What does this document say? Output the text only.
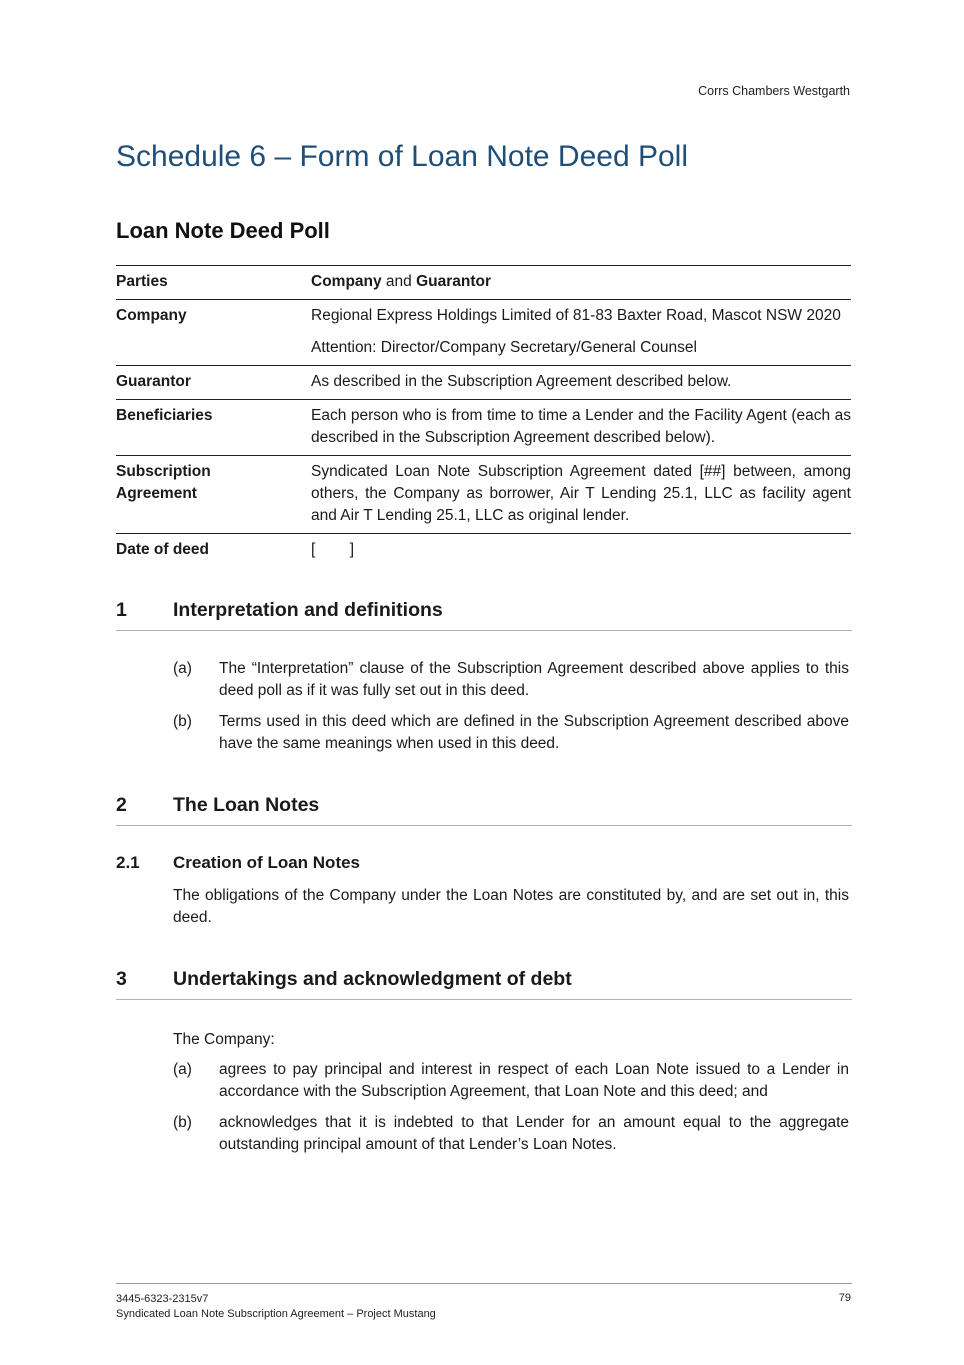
Corrs Chambers Westgarth
Schedule 6 – Form of Loan Note Deed Poll
Loan Note Deed Poll
Parties	Company and Guarantor
Company	Regional Express Holdings Limited of 81-83 Baxter Road, Mascot NSW 2020

Attention: Director/Company Secretary/General Counsel

Guarantor	As described in the Subscription Agreement described below.
Beneficiaries	Each person who is from time to time a Lender and the Facility Agent (each as described in the Subscription Agreement described below).
Subscription Agreement	Syndicated Loan Note Subscription Agreement dated [##] between, among others, the Company as borrower, Air T Lending 25.1, LLC as facility agent and Air T Lending 25.1, LLC as original lender.
Date of deed	[        ]
1 Interpretation and definitions
(a)	The “Interpretation” clause of the Subscription Agreement described above applies to this deed poll as if it was fully set out in this deed.
(b)	Terms used in this deed which are defined in the Subscription Agreement described above have the same meanings when used in this deed.
2 The Loan Notes
2.1 Creation of Loan Notes
The obligations of the Company under the Loan Notes are constituted by, and are set out in, this deed.
3 Undertakings and acknowledgment of debt
The Company:
(a)	agrees to pay principal and interest in respect of each Loan Note issued to a Lender in accordance with the Subscription Agreement, that Loan Note and this deed; and
(b)	acknowledges that it is indebted to that Lender for an amount equal to the aggregate outstanding principal amount of that Lender’s Loan Notes.
3445-6323-2315v7
Syndicated Loan Note Subscription Agreement – Project Mustang
79
